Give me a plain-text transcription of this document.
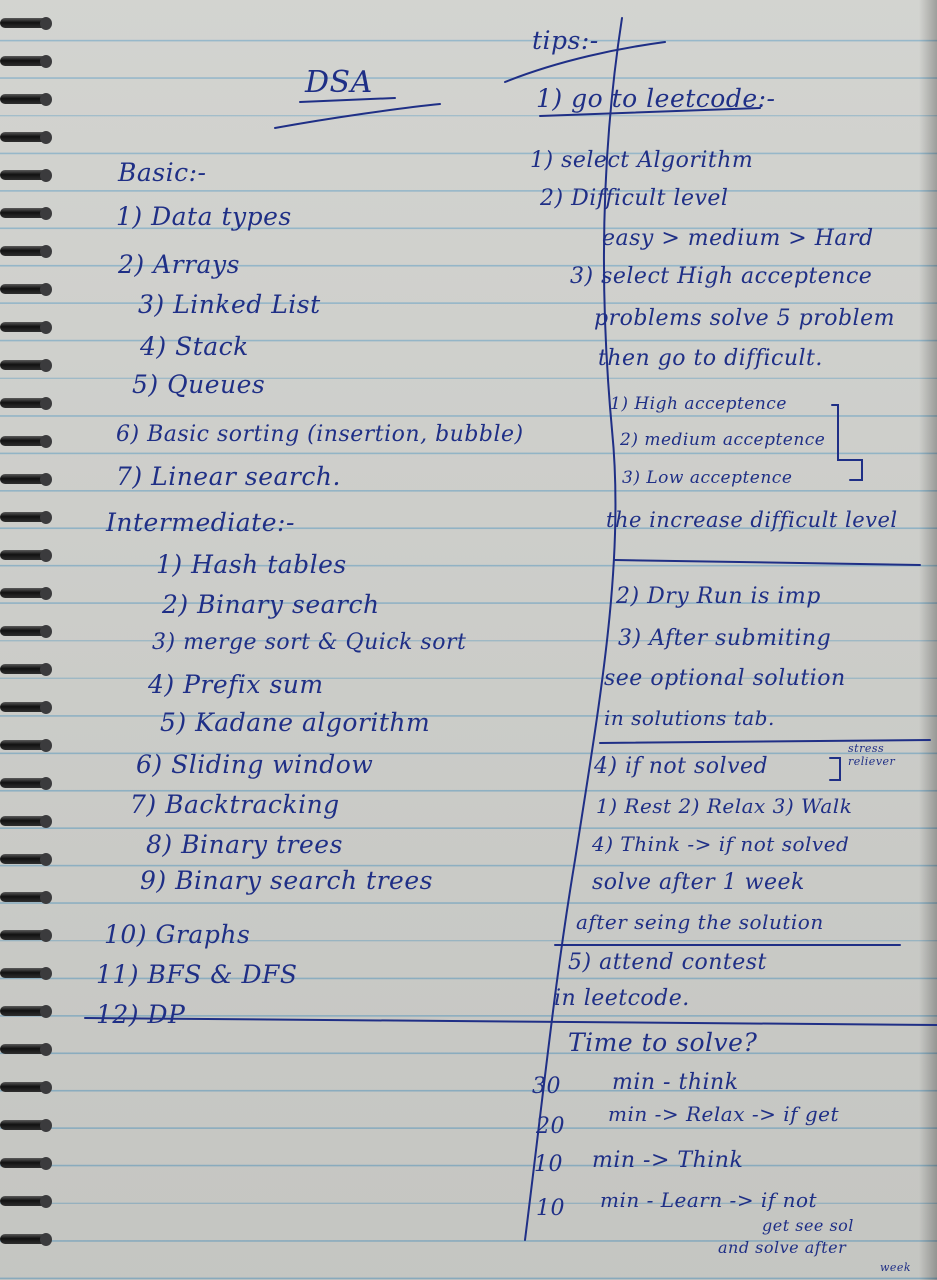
DSA
Basic:-
1) Data types
2) Arrays
3) Linked List
4) Stack
5) Queues
6) Basic sorting (insertion, bubble)
7) Linear search.
Intermediate:-
1) Hash tables
2) Binary search
3) merge sort & Quick sort
4) Prefix sum
5) Kadane algorithm
6) Sliding window
7) Backtracking
8) Binary trees
9) Binary search trees
10) Graphs
11) BFS & DFS
12) DP
tips:-
1) go to leetcode:-
1) select Algorithm
2) Difficult level
easy > medium > Hard
3) select High acceptence
problems solve 5 problem
then go to difficult.
1) High acceptence
2) medium acceptence
3) Low acceptence
the increase difficult level
2) Dry Run is imp
3) After submiting
see optional solution
in solutions tab.
4) if not solved
stress reliever
1) Rest 2) Relax 3) Walk
4) Think -> if not solved
solve after 1 week
after seing the solution
5) attend contest
in leetcode.
Time to solve?
30 min - think
20 min -> Relax -> if get
10 min -> Think
10 min - Learn -> if not
get see sol
and solve after
week
